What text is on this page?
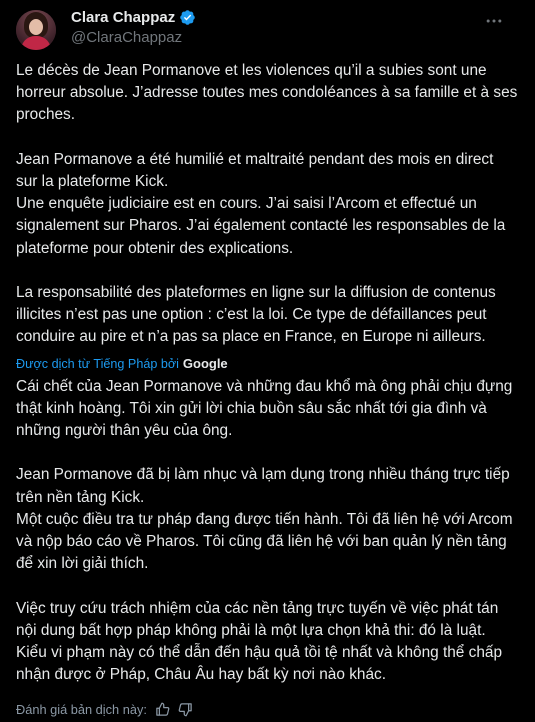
Clara Chappaz
@ClaraChappaz

Le décès de Jean Pormanove et les violences qu’il a subies sont une horreur absolue. J’adresse toutes mes condoléances à sa famille et à ses proches.

Jean Pormanove a été humilié et maltraité pendant des mois en direct sur la plateforme Kick.
Une enquête judiciaire est en cours. J’ai saisi l’Arcom et effectué un signalement sur Pharos. J’ai également contacté les responsables de la plateforme pour obtenir des explications.

La responsabilité des plateformes en ligne sur la diffusion de contenus illicites n’est pas une option : c’est la loi. Ce type de défaillances peut conduire au pire et n’a pas sa place en France, en Europe ni ailleurs.

Được dịch từ Tiếng Pháp bởi Google

Cái chết của Jean Pormanove và những đau khổ mà ông phải chịu đựng thật kinh hoàng. Tôi xin gửi lời chia buồn sâu sắc nhất tới gia đình và những người thân yêu của ông.

Jean Pormanove đã bị làm nhục và lạm dụng trong nhiều tháng trực tiếp trên nền tảng Kick.
Một cuộc điều tra tư pháp đang được tiến hành. Tôi đã liên hệ với Arcom và nộp báo cáo về Pharos. Tôi cũng đã liên hệ với ban quản lý nền tảng để xin lời giải thích.

Việc truy cứu trách nhiệm của các nền tảng trực tuyến về việc phát tán nội dung bất hợp pháp không phải là một lựa chọn khả thi: đó là luật. Kiểu vi phạm này có thể dẫn đến hậu quả tồi tệ nhất và không thể chấp nhận được ở Pháp, Châu Âu hay bất kỳ nơi nào khác.

Đánh giá bản dịch này:
